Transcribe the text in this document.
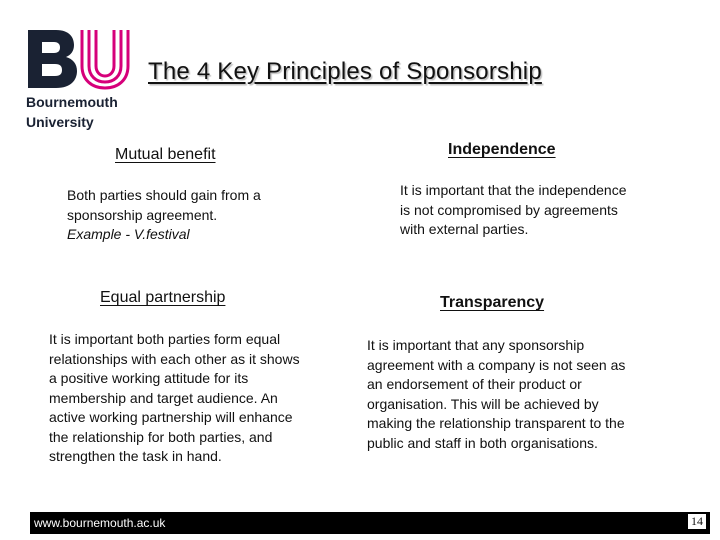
Bournemouth
University
The 4 Key Principles of Sponsorship
Mutual benefit
Both parties should gain from a sponsorship agreement.
Example - V.festival
Independence
It is important that the independence is not compromised by agreements with external parties.
Equal partnership
It is important both parties form equal relationships with each other as it shows a positive working attitude for its membership and target audience. An active working partnership will enhance the relationship for both parties, and strengthen the task in hand.
Transparency
It is important that any sponsorship agreement with a company is not seen as an endorsement of their product or organisation. This will be achieved by making the relationship transparent to the public and staff in both organisations.
www.bournemouth.ac.uk	14
